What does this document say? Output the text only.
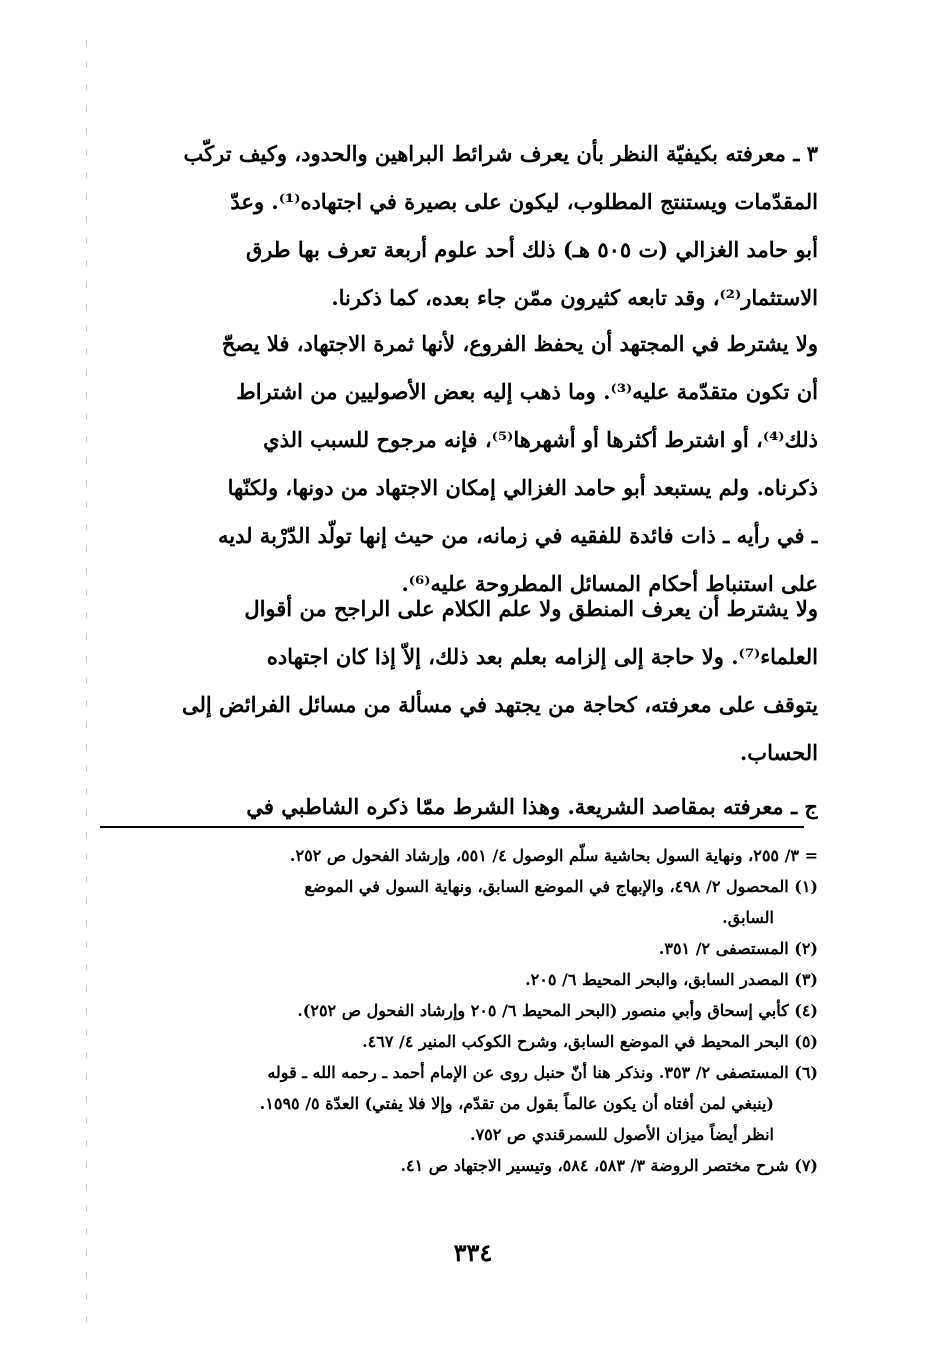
٣ ـ معرفته بكيفيّة النظر بأن يعرف شرائط البراهين والحدود، وكيف تركّب
المقدّمات ويستنتج المطلوب، ليكون على بصيرة في اجتهاده⁽¹⁾. وعدّ
أبو حامد الغزالي (ت ٥٠٥ هـ) ذلك أحد علوم أربعة تعرف بها طرق
الاستثمار⁽²⁾، وقد تابعه كثيرون ممّن جاء بعده، كما ذكرنا.
ولا يشترط في المجتهد أن يحفظ الفروع، لأنها ثمرة الاجتهاد، فلا يصحّ
أن تكون متقدّمة عليه⁽³⁾. وما ذهب إليه بعض الأصوليين من اشتراط
ذلك⁽⁴⁾، أو اشترط أكثرها أو أشهرها⁽⁵⁾، فإنه مرجوح للسبب الذي
ذكرناه. ولم يستبعد أبو حامد الغزالي إمكان الاجتهاد من دونها، ولكنّها
ـ في رأيه ـ ذات فائدة للفقيه في زمانه، من حيث إنها تولّد الدّرْبة لديه
على استنباط أحكام المسائل المطروحة عليه⁽⁶⁾.
ولا يشترط أن يعرف المنطق ولا علم الكلام على الراجح من أقوال
العلماء⁽⁷⁾. ولا حاجة إلى إلزامه بعلم بعد ذلك، إلاّ إذا كان اجتهاده
يتوقف على معرفته، كحاجة من يجتهد في مسألة من مسائل الفرائض إلى
الحساب.
ج ـ معرفته بمقاصد الشريعة. وهذا الشرط ممّا ذكره الشاطبي في
= ٣/ ٢٥٥، ونهاية السول بحاشية سلّم الوصول ٤/ ٥٥١، وإرشاد الفحول ص ٢٥٢.
(١) المحصول ٢/ ٤٩٨، والإبهاج في الموضع السابق، ونهاية السول في الموضع
السابق.
(٢) المستصفى ٢/ ٣٥١.
(٣) المصدر السابق، والبحر المحيط ٦/ ٢٠٥.
(٤) كأبي إسحاق وأبي منصور (البحر المحيط ٦/ ٢٠٥ وإرشاد الفحول ص ٢٥٢).
(٥) البحر المحيط في الموضع السابق، وشرح الكوكب المنير ٤/ ٤٦٧.
(٦) المستصفى ٢/ ٣٥٣. ونذكر هنا أنّ حنبل روى عن الإمام أحمد ـ رحمه الله ـ قوله
(ينبغي لمن أفتاه أن يكون عالماً بقول من تقدّم، وإلا فلا يفتي) العدّة ٥/ ١٥٩٥.
انظر أيضاً ميزان الأصول للسمرقندي ص ٧٥٢.
(٧) شرح مختصر الروضة ٣/ ٥٨٣، ٥٨٤، وتيسير الاجتهاد ص ٤١.
٣٣٤
